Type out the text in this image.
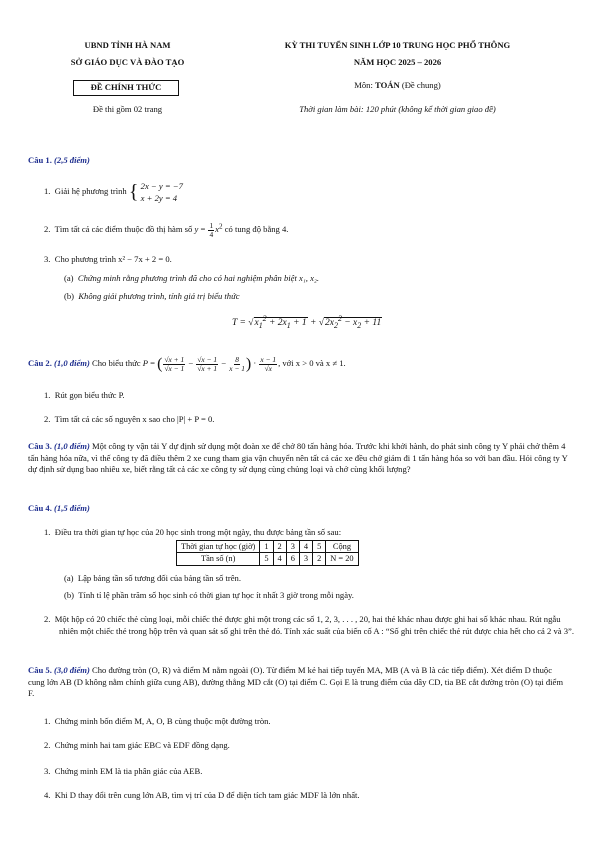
UBND TỈNH HÀ NAM
SỞ GIÁO DỤC VÀ ĐÀO TẠO
ĐỀ CHÍNH THỨC
Đề thi gồm 02 trang
KỲ THI TUYỂN SINH LỚP 10 TRUNG HỌC PHỔ THÔNG
NĂM HỌC 2025 – 2026
Môn: TOÁN (Đề chung)
Thời gian làm bài: 120 phút (không kể thời gian giao đề)
Câu 1. (2,5 điểm)
1. Giải hệ phương trình { 2x − y = −7
x + 2y = 4
2. Tìm tất cả các điểm thuộc đồ thị hàm số $y = \frac{1}{4} x^2$ có tung độ bằng 4.
3. Cho phương trình x² − 7x + 2 = 0.
(a) Chứng minh rằng phương trình đã cho có hai nghiệm phân biệt x₁, x₂.
(b) Không giải phương trình, tính giá trị biểu thức
$T = √x_1^2 + 2x_1 + 1 + √2x_2^2 - x_2 + 11$
Câu 2. (1,0 điểm) Cho biểu thức P = ( $\frac{√x + 1}{√x - 1} - \frac{√x - 1}{√x + 1} - \frac{8}{x - 1}$ ) · $\frac{x - 1}{√x}$ , với x > 0 và x ≠ 1.
1. Rút gọn biểu thức P.
2. Tìm tất cả các số nguyên x sao cho |P| + P = 0.
Câu 3. (1,0 điểm) Một công ty vận tải Y dự định sử dụng một đoàn xe để chở 80 tấn hàng hóa. Trước khi khởi hành, do phát sinh công ty Y phải chở thêm 4 tấn hàng hóa nữa, vì thế công ty đã điều thêm 2 xe cung tham gia vận chuyển nên tất cả các xe đều chở giảm đi 1 tấn hàng hóa so với ban đầu. Hỏi công ty Y dự định sử dụng bao nhiêu xe, biết rằng tất cả các xe công ty sử dụng cùng chủng loại và chở cùng khối lượng?
Câu 4. (1,5 điểm)
1. Điều tra thời gian tự học của 20 học sinh trong một ngày, thu được bảng tần số sau:
Thời gian tự học (giờ)	1	2	3	4	5	Cộng
Tần số (n)	5	4	6	3	2	N = 20
(a) Lập bảng tần số tương đối của bảng tần số trên.
(b) Tính tỉ lệ phần trăm số học sinh có thời gian tự học ít nhất 3 giờ trong mỗi ngày.
2. Một hộp có 20 chiếc thẻ cùng loại, mỗi chiếc thẻ được ghi một trong các số 1, 2, 3, . . . , 20, hai thẻ khác nhau được ghi hai số khác nhau. Rút ngẫu nhiên một chiếc thẻ trong hộp trên và quan sát số ghi trên thẻ đó. Tính xác suất của biến cố A : “Số ghi trên chiếc thẻ rút được chia hết cho cả 2 và 3”.
Câu 5. (3,0 điểm) Cho đường tròn (O, R) và điểm M nằm ngoài (O). Từ điểm M kẻ hai tiếp tuyến MA, MB (A và B là các tiếp điểm). Xét điểm D thuộc cung lớn AB (D không nằm chính giữa cung AB), đường thẳng MD cắt (O) tại điểm C. Gọi E là trung điểm của dây CD, tia BE cắt đường tròn (O) tại điểm F.
1. Chứng minh bốn điểm M, A, O, B cùng thuộc một đường tròn.
2. Chứng minh hai tam giác EBC và EDF đồng dạng.
3. Chứng minh EM là tia phân giác của AEB.
4. Khi D thay đổi trên cung lớn AB, tìm vị trí của D để diện tích tam giác MDF là lớn nhất.
